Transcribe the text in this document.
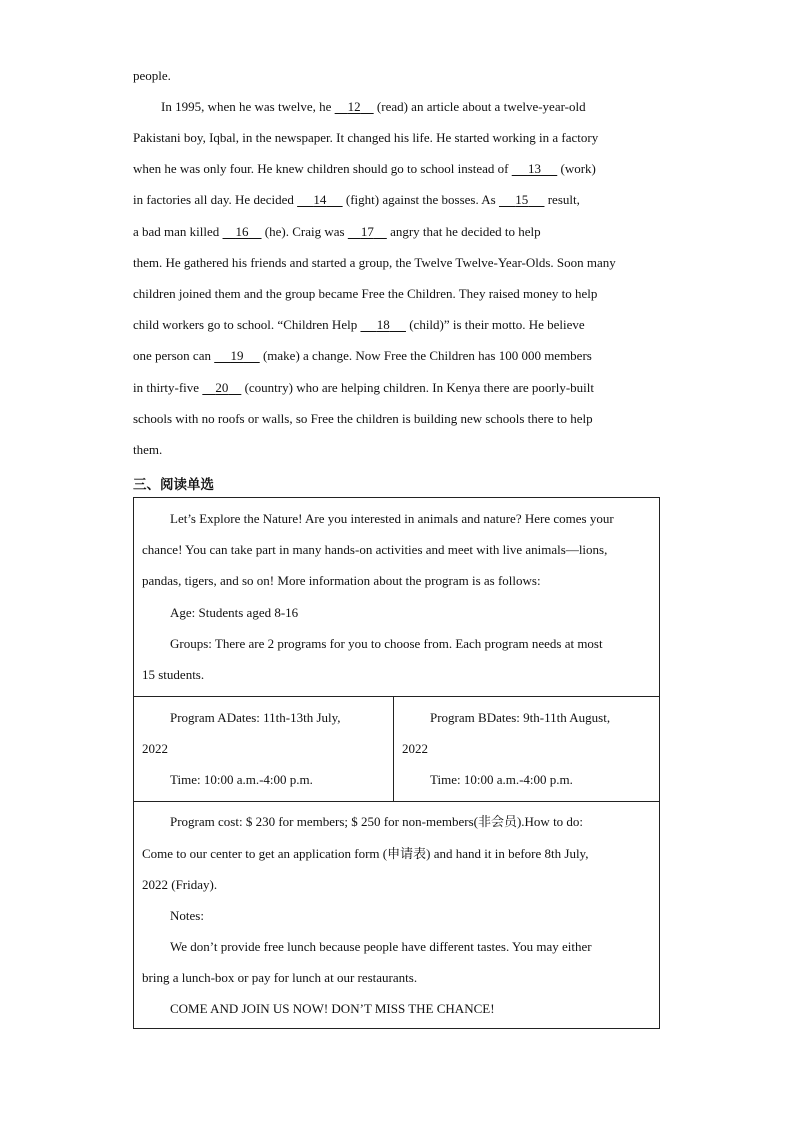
people.
In 1995, when he was twelve, he     12     (read) an article about a twelve-year-old
Pakistani boy, Iqbal, in the newspaper. It changed his life. He started working in a factory
when he was only four. He knew children should go to school instead of      13      (work)
in factories all day. He decided      14      (fight) against the bosses. As      15      result,
a bad man killed     16     (he). Craig was     17     angry that he decided to help
them. He gathered his friends and started a group, the Twelve Twelve-Year-Olds. Soon many
children joined them and the group became Free the Children. They raised money to help
child workers go to school. “Children Help      18      (child)” is their motto. He believe
one person can      19      (make) a change. Now Free the Children has 100 000 members
in thirty-five     20     (country) who are helping children. In Kenya there are poorly-built
schools with no roofs or walls, so Free the children is building new schools there to help
them.
三、阅读单选
Let’s Explore the Nature! Are you interested in animals and nature? Here comes your
chance! You can take part in many hands-on activities and meet with live animals—lions,
pandas, tigers, and so on! More information about the program is as follows:
Age: Students aged 8-16
Groups: There are 2 programs for you to choose from. Each program needs at most
15 students.
Program ADates: 11th-13th July,
2022
Time: 10:00 a.m.-4:00 p.m.
Program BDates: 9th-11th August,
2022
Time: 10:00 a.m.-4:00 p.m.
Program cost: $ 230 for members; $ 250 for non-members(非会员).How to do:
Come to our center to get an application form (申请表) and hand it in before 8th July,
2022 (Friday).
Notes:
We don’t provide free lunch because people have different tastes. You may either
bring a lunch-box or pay for lunch at our restaurants.
COME AND JOIN US NOW! DON’T MISS THE CHANCE!
